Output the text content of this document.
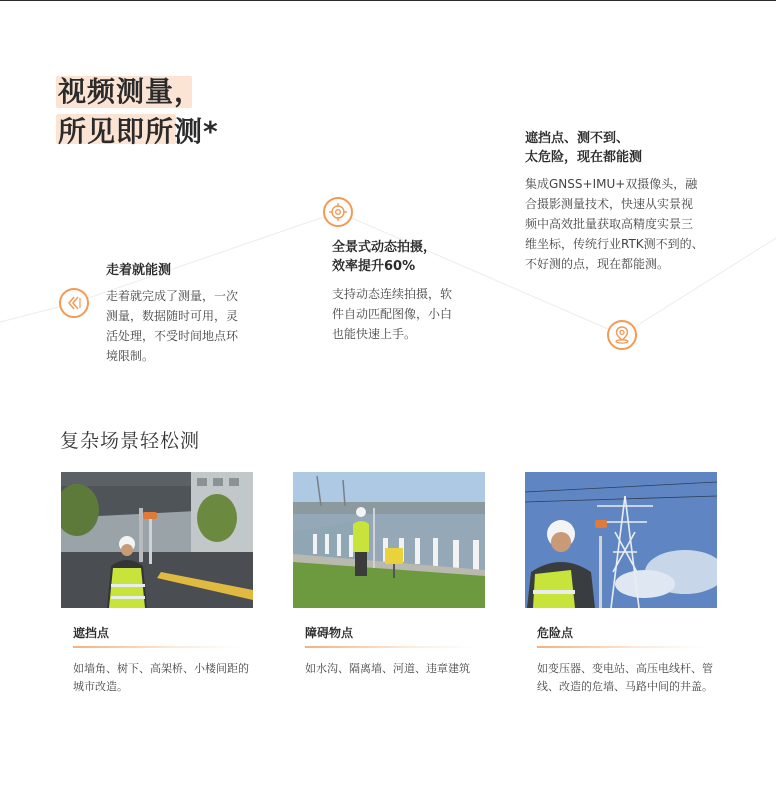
视频测量，
所见即所测*
走着就能测
走着就完成了测量，一次
测量，数据随时可用，灵
活处理，不受时间地点环
境限制。
全景式动态拍摄，
效率提升60%
支持动态连续拍摄，软
件自动匹配图像，小白
也能快速上手。
遮挡点、测不到、
太危险，现在都能测
集成GNSS+IMU+双摄像头，融
合摄影测量技术，快速从实景视
频中高效批量获取高精度实景三
维坐标，传统行业RTK测不到的、
不好测的点，现在都能测。
复杂场景轻松测
遮挡点
如墙角、树下、高架桥、小楼间距的
城市改造。
障碍物点
如水沟、隔离墙、河道、违章建筑
危险点
如变压器、变电站、高压电线杆、管
线、改造的危墙、马路中间的井盖。
